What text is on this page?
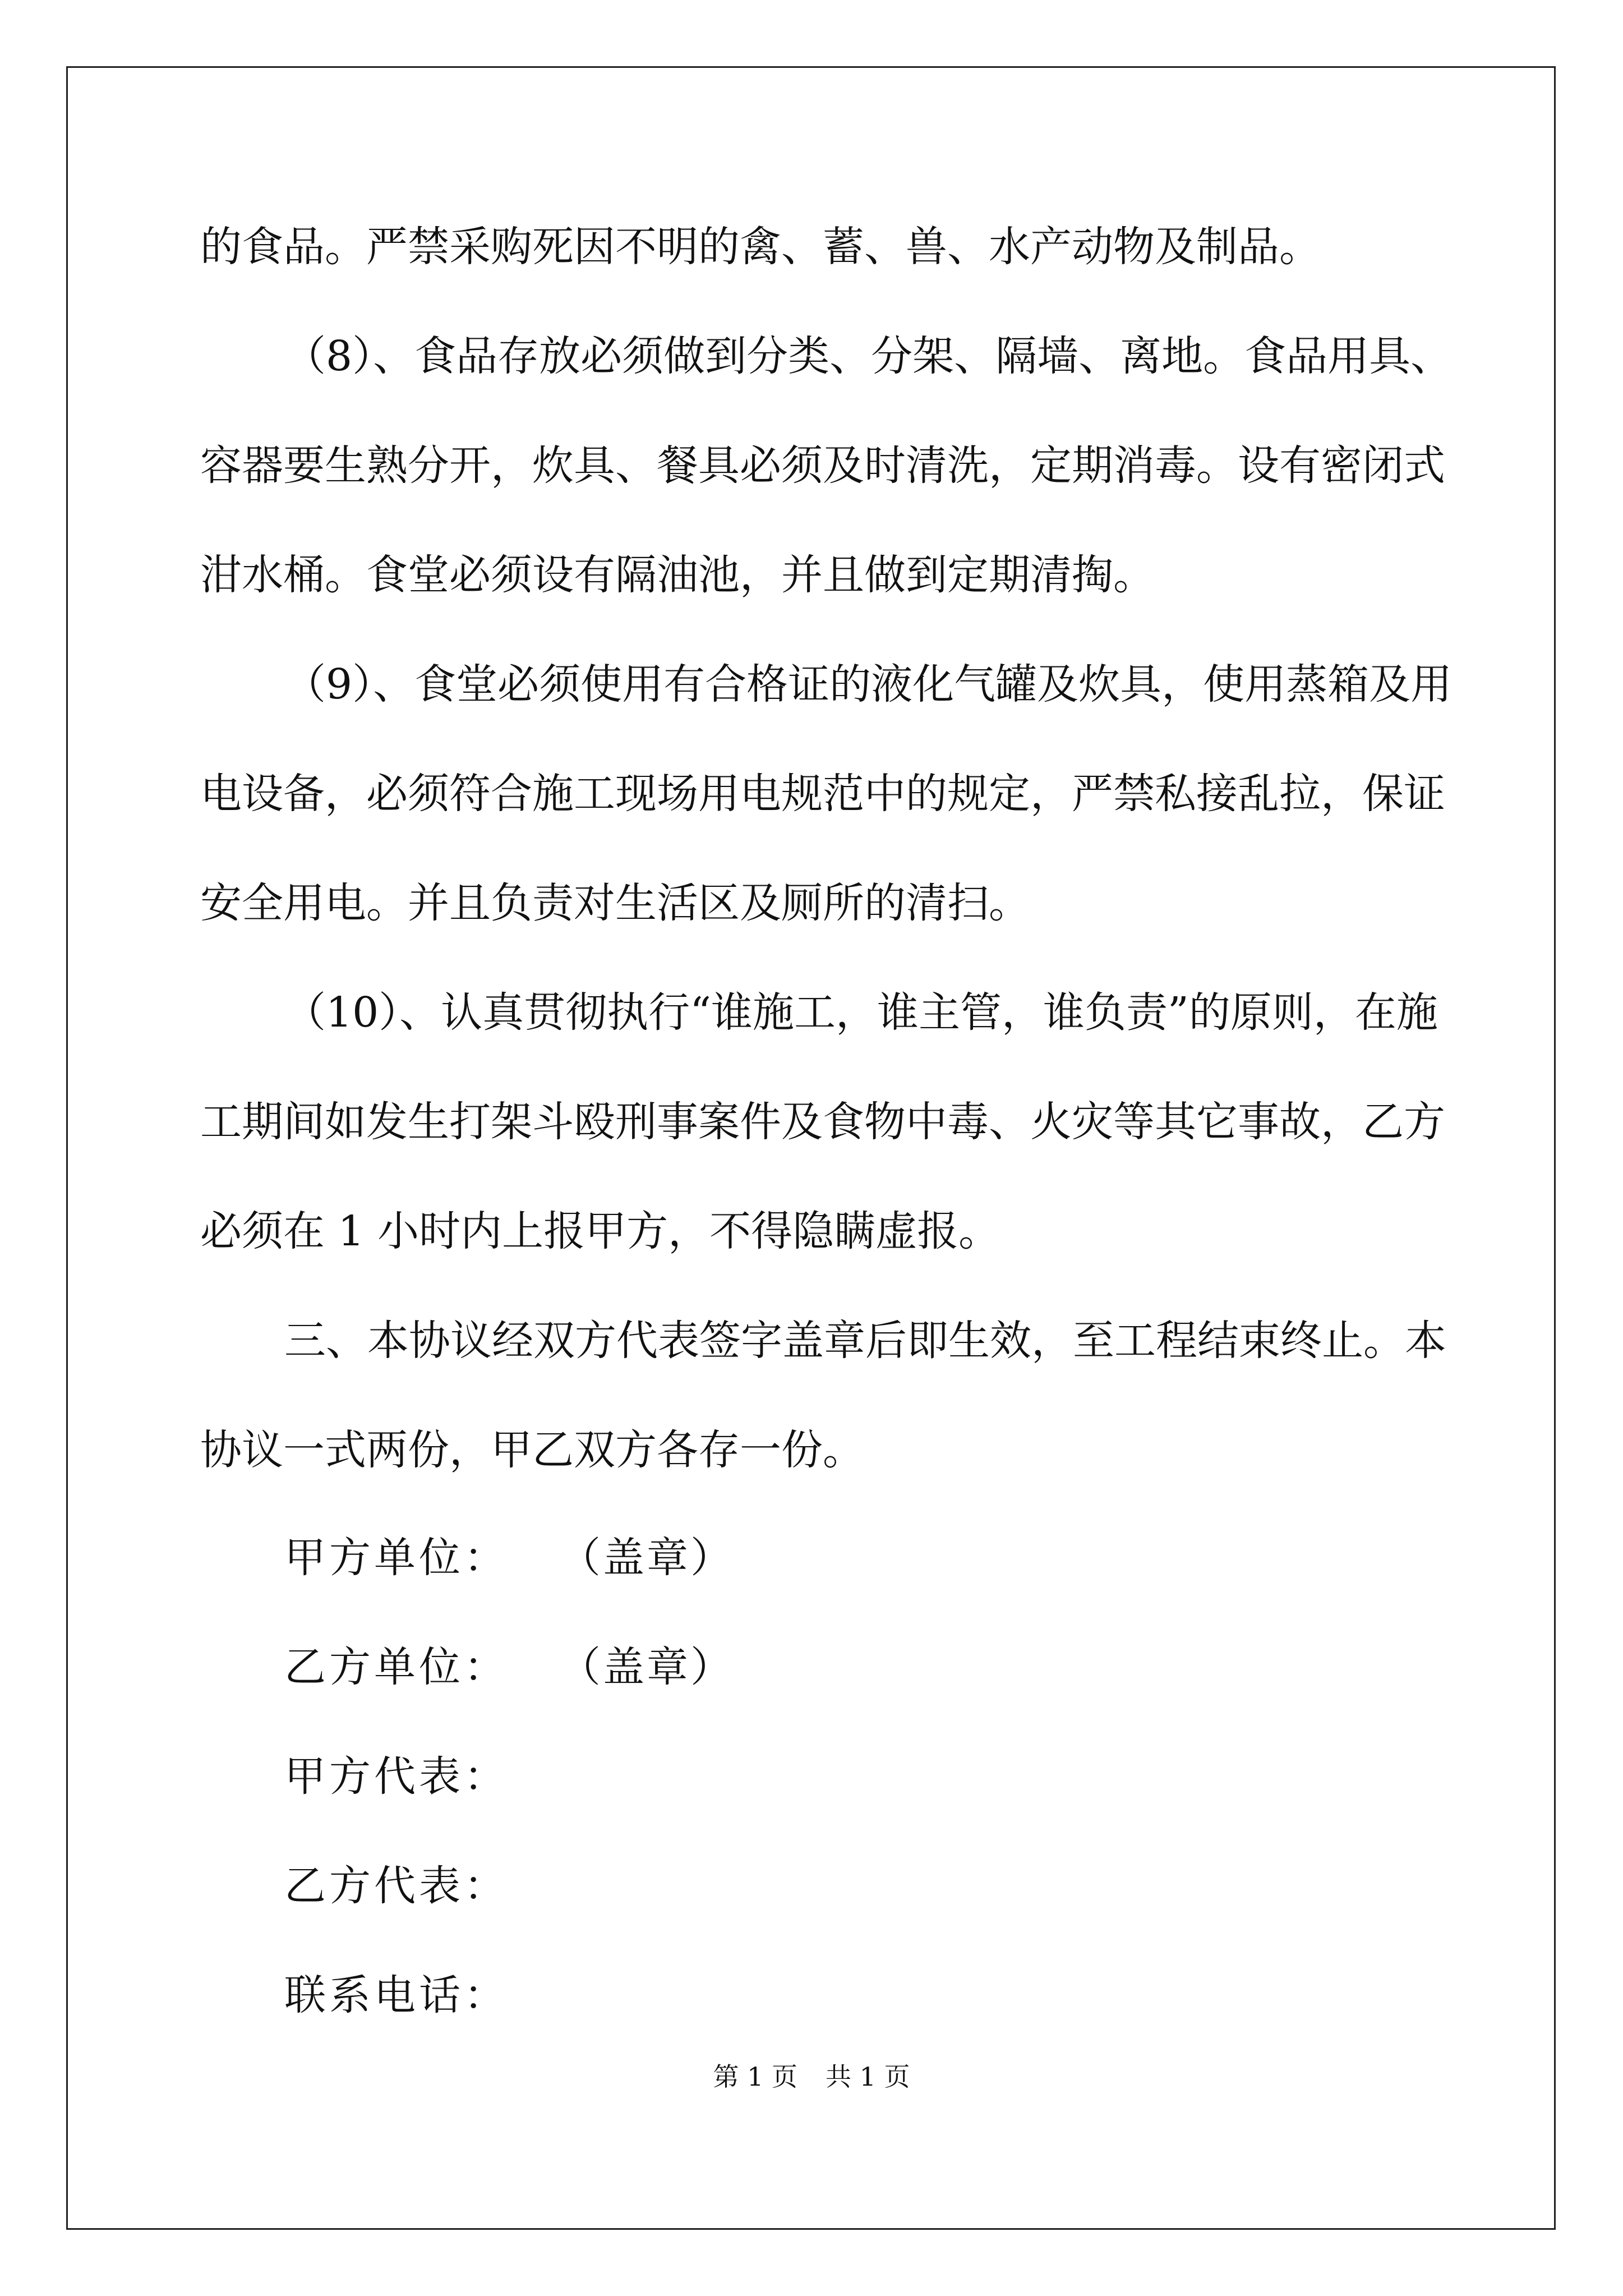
的食品。严禁采购死因不明的禽、蓄、兽、水产动物及制品。
（8）、食品存放必须做到分类、分架、隔墙、离地。食品用具、
容器要生熟分开，炊具、餐具必须及时清洗，定期消毒。设有密闭式
泔水桶。食堂必须设有隔油池，并且做到定期清掏。
（9）、食堂必须使用有合格证的液化气罐及炊具，使用蒸箱及用
电设备，必须符合施工现场用电规范中的规定，严禁私接乱拉，保证
安全用电。并且负责对生活区及厕所的清扫。
（10）、认真贯彻执行“谁施工，谁主管，谁负责”的原则，在施
工期间如发生打架斗殴刑事案件及食物中毒、火灾等其它事故，乙方
必须在 1 小时内上报甲方，不得隐瞒虚报。
三、本协议经双方代表签字盖章后即生效，至工程结束终止。本
协议一式两份，甲乙双方各存一份。
甲方单位： （盖章）
乙方单位： （盖章）
甲方代表：
乙方代表：
联系电话：
第 1 页 共 1 页
